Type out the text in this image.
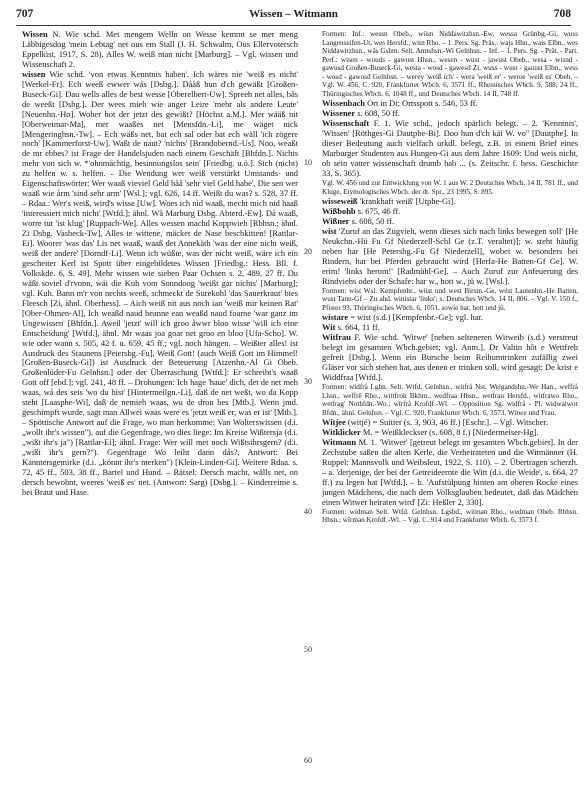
707	Wissen – Witmann	708

Wissen N. Wie schd. Met mengem Welln on Wesse kemmt se mer meng Läbbigesdog 'mein Lebtag' net ous em Stall (J. H. Schwalm, Ous Ellervotersch Eppelkist, 1917, S. 28). Alles W. weiß man nicht [Marburg]. – Vgl. wissen und Wissenschaft 2.

wissen Wie schd. 'von etwas Kenntnis haben'. Ich wäres nie 'weiß es nicht' [Werkel-Fr]. Ech weeß ewwer wås [Dsbg.]. Dååß hun d'ch gewäßt [Großen-Buseck-Gi]. Dau wells alles de best wesse [Oberelbert-Uw]. Spreeh net alles, bås de weeßt [Dsbg.]. Der wees mieh wie anger Leire 'mehr als andere Leute' [Neuenhn.-Ho]. Woher hot der jetzt des gewißt? [Höchst a.M.]. Mer wääß nit [Oberweimar-Ma], mer waaßes net [Mensfdn.-Li], me wäget nick [Mengeringhsn.-Tw]. – Ech wäßs net, bat ech sal oder bat ech wäll 'ich zögere noch' [Kammerforst-Uw]. Waßt de naut? 'nichts' [Brandobernd.-Us]. Noo, weaßt de mr ebbes? ist Frage der Handelsjuden nach einem Geschäft [Bhfdn.]. Nichts mehr von sich w. *'ohnmächtig, besinnungslos sein' [Friedbg. u.ö.]. Sich (nicht) zu helfen w. s. helfen. – Die Wendung wer weiß verstärkt Umstands- und Eigenschaftswörter: Wer waaß vieviel Geld håå 'sehr viel Geld habe', Die sen wer waaß wie årm 'sind sehr arm' [Wsl.]; vgl. 626, 14 ff. Weißt du was? s. 528, 37 ff. – Rdaa.: Wer's weiß, wird's wisse [Uw]. Woes ich nid waaß, mecht mich nid haaß 'interessiert mich nicht' [Wtfd.]; ähnl. Wå Marburg Dsbg. Abterd.-Ew]. Då waaß, worre tut 'ist klug' [Ruppach-We]. Alles wessen machd Koppwieh [Rbhsn.; ähnl. Zi Dsbg. Vasbeck-Tw], Alles te wittene, mäcket de Nase beschkitten! [Rattlar-Ei]. Woorer 'was das' Lis net waaß, waaß det Annekäth 'was der eine nicht weiß, weiß der andere' [Dorndf-Li]. Wenn ich wüßte, was der nicht weiß, wäre ich ein gescheiter Kerl ist Spott über eingebildetes Wissen [Friedbg.: Hess. Bll. f. Volkskde. 6, S. 49]. Mehr wissen wie sieben Paar Ochsen s. 2, 489, 27 ff. Du wäßt soviel d'rvonn, wäi die Kuh vom Sonndoog 'weißt gar nichts' [Marburg]; vgl. Kuh. Bann m'r von nechts weeß, schmeckt de Surekohl 'das Sauerkraut' bies Fleesch [Zi, ähnl. Oberhess]. – Aich weiß nit aus noch ian 'weiß mir keinen Rat' [Ober-Ohmen-Al], Ich weaßd naud heanne ean weaßd naud foarne 'war ganz im Ungewissen' [Bhfdn.]. Aweil 'jetzt' will ich groo åwwr bloo wisse 'will ich eine Entscheidung' [Wtfd.], ähnl. Mr waas joa goar net groo en bloo [Ufa-Scho]. W. wie oder wann s. 505, 42 f. u. 659, 45 ff.; vgl. noch hängen. – Weißter alles! ist Ausdruck des Staunens [Petersbg.-Fu], Weiß Gott! (auch Weiß Gott im Himmel! [Großen-Buseck-Gi]) ist Ausdruck der Beteuerung [Atzenhn.-Al Gi Obeb. Großenlüder-Fu Gelnhsn.] oder der Überraschung [Wtfd.]: Er schreibt's waaß Gott off [ebd.]; vgl. 241, 48 ff. – Drohungen: Ich hage 'haue' dich, det de net meh waas, wå des seis 'wo du bist' [Hintermeilgn.-Li], daß de net weßt, wo da Kopp steht [Laasphe-Wi], daß de nemieh waas, wu de dron bes [Mtb.]. Wenn jmd. geschimpft wurde, sagt man Allwei waas were es 'jetzt weiß er, was er ist' [Mtb.]. – Spöttische Antwort auf die Frage, wo man herkomme: Van Wolterswissen (d.i. „wollt ihr's wissen"), auf die Gegenfrage, wo dies liege: Im Kreise Wißtersja (d.i. „wißt ihr's ja") [Rattlar-Ei]; ähnl. Frage: Wer will met noch Wißtsihrsgern? (d.i. „wißt ihr's gern?"). Gegenfrage Wo leiht dann dås?, Antwort: Bei Kanntersgemirke (d.i. „könnt ihr's merken") [Klein-Linden-Gi]. Weitere Rdaa. s. 72, 45 ff., 503, 38 ff., Bartel und Hund. – Rätsel: Dersch macht, wälls net, on dersch bewohnt, weeres 'weiß es' net. (Antwort: Sarg) [Dsbg.]. – Kinderreime s. bei Braut und Hase.

10
20
30
40
50
60

Formen: Inf.: wessn Obeb., wüsn Niddawitzhsn.-Ew, wessa Grünbg.-Gi, wuss Langenseifen-Ut, wes Hersfd., witn Rho. – 1. Pers. Sg. Präs.: wajs Hhn., wais Elbn., wes Niddawitzhsn., wäs Gshm. Selt. Amtshsn.-Wi Gelnhsn. – Inf. – 1. Pers. Sg. - Prät. - Part. Perf.: wisen - wuuds - gawust Hhsn., wesen - wust - jawust Obeb., wesa - wisnd - gawusd Großen-Buseck-Gi, westa - wosd - gawesd Zi, wuss - wust - gauust Elbn., wess - wosd - gawosd Gelnhsn. – werey 'weiß ich' - wera 'weiß er' - weroe 'weiß es' Obeb. – Vgl. W. 456, C. 920, Frankfurter Wbch. 6, 3571 ff., Rheinisches Wbch. 9, 588, 24 ff., Thüringisches Wbch. 6, 1048 ff., und Deutsches Wbch. 14 II, 748 ff.

Wissenbach Ort in Di; Ortsspott s. 546, 53 ff.

Wissener s. 608, 50 ff.

Wissenschaft F. 1. Wie schd., jedoch spärlich belegt. – 2. 'Kenntnis', 'Wissen' [Röthges-Gi Dautphe-Bi]. Doo hun d'ch käi W. vo" [Dautphe]. In dieser Bedeutung auch vielfach urkdl. belegt, z.B. in einem Brief eines Marburger Studenten aus Hungen-Gi aus dem Jahre 1609: Und weis nicht, ob sein vatter wissenschaft drumb hab ... (s. Zeitschr. f. hess. Geschichte 33, S. 365).

Vgl. W. 456 und zur Entwicklung von W. 1 aus W. 2 Deutsches Wbch. 14 II, 781 ff., und Kluge, Etymologisches Wbch. der dt. Spr., 23 1995, S. 895.

wisseweiß 'krankhaft weiß' [Utphe-Gi].

Wißbohb s. 675, 46 ff.

Wißner s. 608, 50 ff.

wist 'Zuruf an das Zugvieh, wenn dieses sich nach links bewegen soll' [He Neukchn.-Hü Fu Gf Niederzell-Schl Ge (z.T. veraltet)]; w. steht häufig neben har [He Petersbg.-Fu Gf Niederzell], wobei w. besonders bei Rindern, har bei Pferden gebraucht wird [Herfa-He Batten-Gf Ge]. W. erim! 'links herum!' [Radmühl-Ge]. – Auch Zuruf zur Anfeuerung des Rindviehs oder der Schafe: har w., hott w., jü w. [Wsl.].

Formen: wist Wsl. Kempfenbr., wüst und west Birstn.-Ge, wést Lautenhn.-He Batten, wust Tann-Gf – Zu ahd. winistar 'links'; s. Deutsches Wbch. 14 II, 806. – Vgl. V. 150 f., Pfister 93, Thüringisches Wbch. 6, 1051, sowie har, hott und jü.

wistare = wist (s.d.) [Kempfenbr.-Ge]; vgl. har.

Wit s. 664, 11 ff.

Witfrau F. Wie schd. 'Witwe' [neben selteneren Witweib (s.d.) verstreut belegt im gesamten Wbch.gebiet; vgl. Anm.]. Dr Valtin hôt e Wettfreh gefreit [Dsbg.]. Wenn ein Bursche beim Reihumtrinken zufällig zwei Gläser vor sich stehen hat, aus denen er trinken soll, wird gesagt: De krist e Widdfraa [Wtfd.].

Formen: widfrå Lghn. Selt. Wtfd. Gelnhsn., witfrå Nst. Weigandshn.-We Han., weffrå Lhsn., weffrê Rho., wittfroh Bkhm., wedfraa Hhsn., wetfrau Hersfd., witfrawo Rho., wetfrag' Nothfdn.-Wo.; wîrfrå Krofdf.-Wl. – Opposition Sg. widfrå - Pl. widwaiwor Bfdn., ähnl. Gelnhsn. – Vgl. C. 920, Frankfurter Wbch. 6, 3573, Witwe und Frau.

Witjee (witjé) = Suitier (s. 3, 903, 46 ff.) [Eschr.]. – Vgl. Witscher.

Witklicker M. = Weißkleckser (s. 608, 8 f.) [Niedermeiser-Hg].

Witmann M. 1. 'Witwer' [getreut belegt im gesamten Wbch.gebiet]. In der Zechstube saßen die alten Kerle, die Verheirateten und die Witmänner (H. Ruppel: Mannsvolk und Weibsleut, 1922, S. 110). – 2. Übertragen scherzh. – a. 'derjenige, der bei der Getreideernte die Witt (d.i. die Weide', s. 664, 27 ff.) zu legen hat [Wtfd.]. – b. 'Aufstülpung hinten am oberen Rocke eines jungen Mädchens, die nach dem Volksglauben bedeutet, daß das Mädchen einen Witwer heiraten wird' [Zi: Heßler 2, 330].

Formen: widman Selt. Wtfd. Gelnhsn. Lgsbd., witman Rho., wedman Obeb. Rbhsn. Hhsn.; wîrman Krofdf.-Wl. – Vgl. C. 914 und Frankfurter Wbch. 6, 3573 f.
